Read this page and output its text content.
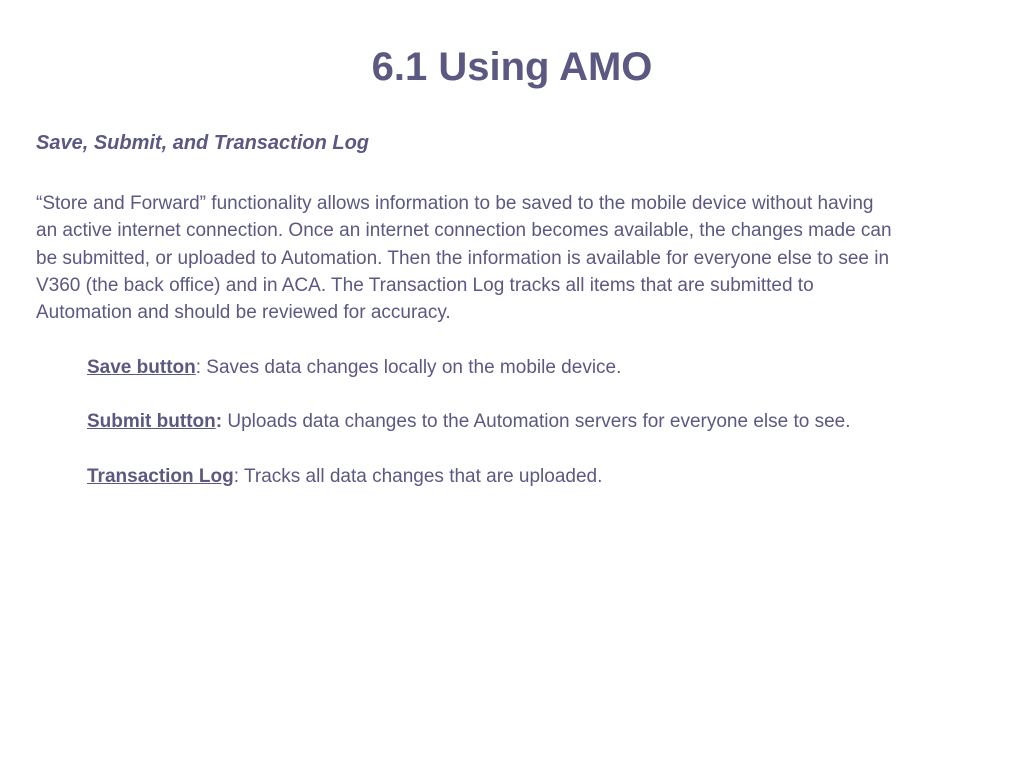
6.1 Using AMO
Save, Submit, and Transaction Log
“Store and Forward” functionality allows information to be saved to the mobile device without having
an active internet connection. Once an internet connection becomes available, the changes made can
be submitted, or uploaded to Automation. Then the information is available for everyone else to see in
V360 (the back office) and in ACA. The Transaction Log tracks all items that are submitted to
Automation and should be reviewed for accuracy.
Save button: Saves data changes locally on the mobile device.
Submit button: Uploads data changes to the Automation servers for everyone else to see.
Transaction Log: Tracks all data changes that are uploaded.
